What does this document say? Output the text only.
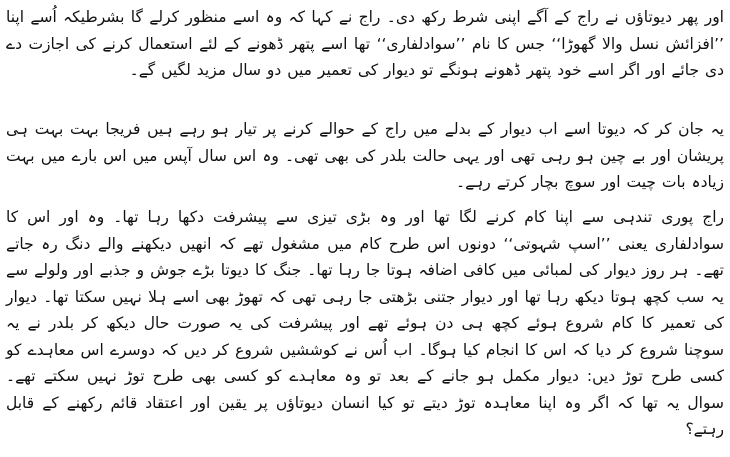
اور پھر دیوتاؤں نے راج کے آگے اپنی شرط رکھ دی۔ راج نے کہا کہ وہ اسے منظور کرلے گا بشرطیکہ اُسے اپنا ’’افزائش نسل والا گھوڑا‘‘ جس کا نام ’’سوادلفاری‘‘ تھا اسے پتھر ڈھونے کے لئے استعمال کرنے کی اجازت دے دی جائے اور اگر اسے خود پتھر ڈھونے ہونگے تو دیوار کی تعمیر میں دو سال مزید لگیں گے۔

یہ جان کر کہ دیوتا اسے اب دیوار کے بدلے میں راج کے حوالے کرنے پر تیار ہو رہے ہیں فریجا بہت بہت ہی پریشان اور بے چین ہو رہی تھی اور یہی حالت بلدر کی بھی تھی۔ وہ اس سال آپس میں اس بارے میں بہت زیادہ بات چیت اور سوچ بچار کرتے رہے۔

راج پوری تندہی سے اپنا کام کرنے لگا تھا اور وہ بڑی تیزی سے پیشرفت دکھا رہا تھا۔ وہ اور اس کا سوادلفاری یعنی ’’اسپ شہوتی‘‘ دونوں اس طرح کام میں مشغول تھے کہ انھیں دیکھنے والے دنگ رہ جاتے تھے۔ ہر روز دیوار کی لمبائی میں کافی اضافہ ہوتا جا رہا تھا۔ جنگ کا دیوتا بڑے جوش و جذبے اور ولولے سے یہ سب کچھ ہوتا دیکھ رہا تھا اور دیوار جتنی بڑھتی جا رہی تھی کہ تھوڑ بھی اسے ہلا نہیں سکتا تھا۔ دیوار کی تعمیر کا کام شروع ہوئے کچھ ہی دن ہوئے تھے اور پیشرفت کی یہ صورت حال دیکھ کر بلدر نے یہ سوچنا شروع کر دیا کہ اس کا انجام کیا ہوگا۔ اب اُس نے کوششیں شروع کر دیں کہ دوسرے اس معاہدے کو کسی طرح توڑ دیں: دیوار مکمل ہو جانے کے بعد تو وہ معاہدے کو کسی بھی طرح توڑ نہیں سکتے تھے۔ سوال یہ تھا کہ اگر وہ اپنا معاہدہ توڑ دیتے تو کیا انسان دیوتاؤں پر یقین اور اعتقاد قائم رکھنے کے قابل رہتے؟
